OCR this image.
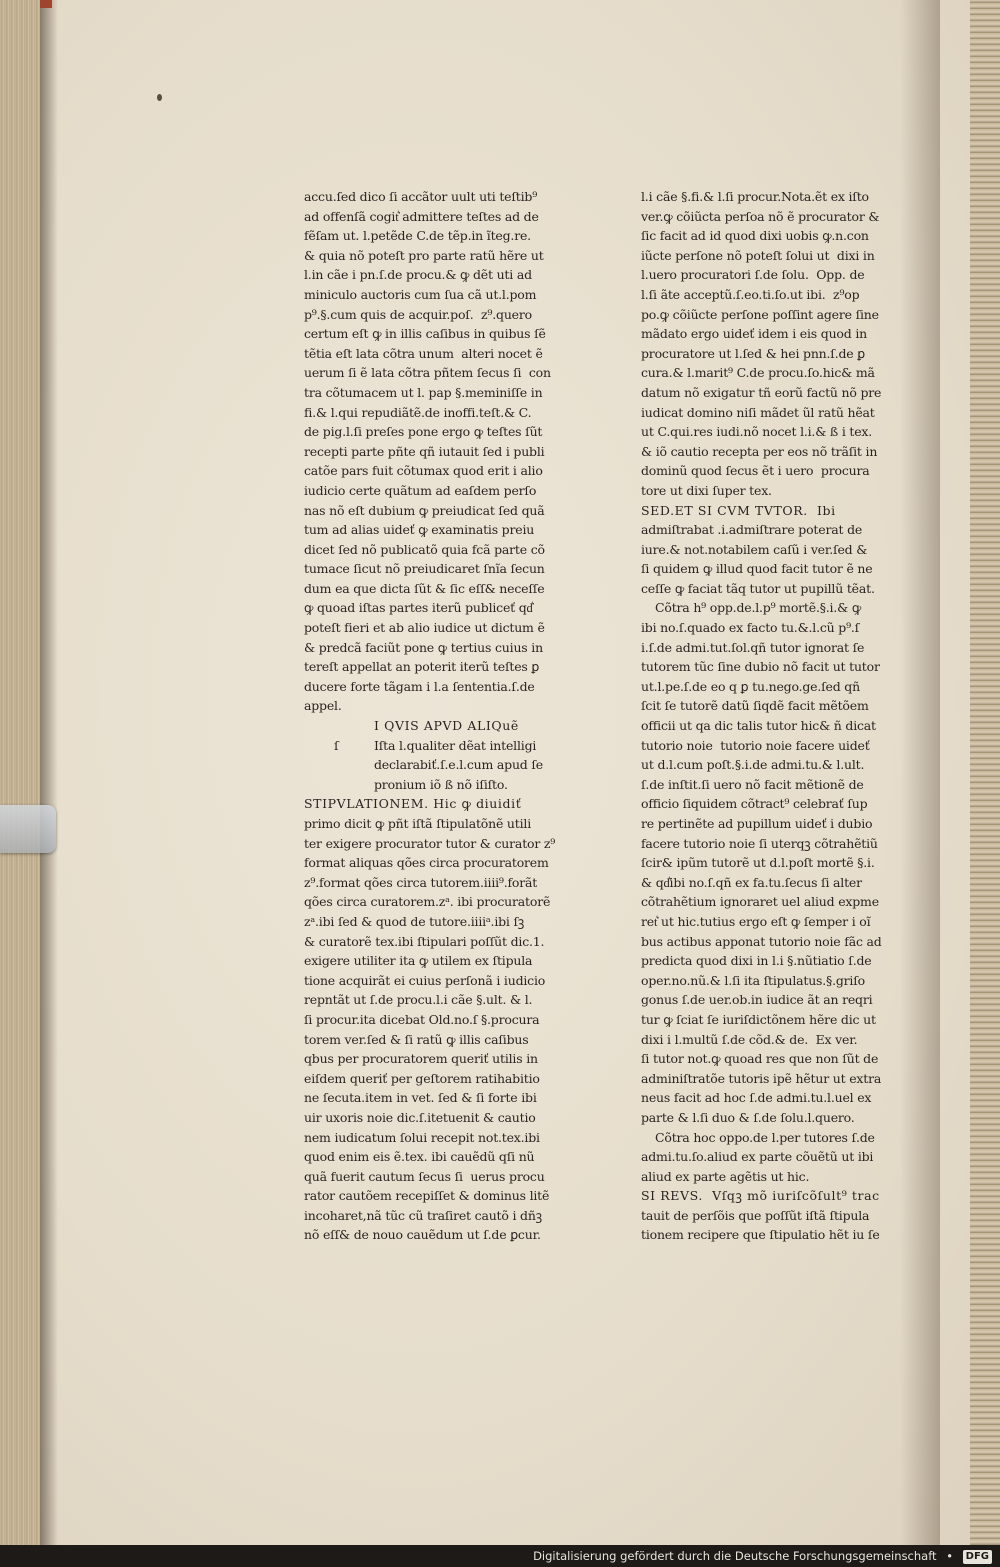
accu.ſed dico ſi accãtor uult uti teſtib⁹
ad offenſã cogit͛ admittere teſtes ad de
fẽſam ut. l.petẽde C.de tẽp.in ĩteg.re.
& quia nõ poteſt pro parte ratũ hẽre ut
l.in cãe i pn.ſ.de procu.& ꝙ dẽt uti ad
miniculo auctoris cum ſua cã ut.l.pom
p⁹.§.cum quis de acquir.poſ.  z⁹.quero
certum eſt ꝙ in illis caſibus in quibus ſẽ
tẽtia eſt lata cõtra unum  alteri nocet ẽ
uerum ſi ẽ lata cõtra pñtem ſecus ſi  con
tra cõtumacem ut l. pap §.meminiſſe in
fi.& l.qui repudiãtẽ.de inoffi.teſt.& C.
de pig.l.ſi preſes pone ergo ꝙ teſtes ſũt
recepti parte pñte qñ iutauit ſed i publi
catõe pars fuit cõtumax quod erit i alio
iudicio certe quãtum ad eaſdem perſo
nas nõ eſt dubium ꝙ preiudicat ſed quã
tum ad alias uideť ꝙ examinatis preiu
dicet ſed nõ publicatõ quia fcã parte cõ
tumace ſicut nõ preiudicaret ſnĩa ſecun
dum ea que dicta ſũt & ſic eſſ& neceſſe
ꝙ quoad iſtas partes iterũ publiceť qd͛
poteſt fieri et ab alio iudice ut dictum ẽ
& predcã faciũt pone ꝙ tertius cuius in
tereſt appellat an poterit iterũ teſtes ꝑ
ducere forte tãgam i l.a ſententia.ſ.de
appel.
I QVIS APVD ALIQuẽ
ſ	Iſta l.qualiter dẽat intelligi
declarabiť.ſ.e.l.cum apud ſe
pronium iõ ß nõ iſiſto.
STIPVLATIONEM. Hic ꝙ diuidiť
primo dicit ꝙ pñt iſtã ſtipulatõnẽ utili
ter exigere procurator tutor & curator z⁹
format aliquas qões circa procuratorem
z⁹.format qões circa tutorem.iiii⁹.forãt
qões circa curatorem.zᵃ. ibi procuratorẽ
zᵃ.ibi ſed & quod de tutore.iiiiᵃ.ibi ſꝫ
& curatorẽ tex.ibi ſtipulari poſſũt dic.1.
exigere utiliter ita ꝙ utilem ex ſtipula
tione acquirãt ei cuius perſonã i iudicio
repntãt ut ſ.de procu.l.i cãe §.ult. & l.
ſi procur.ita dicebat Old.no.ſ §.procura
torem ver.ſed & ſi ratũ ꝙ illis caſibus
qbus per procuratorem queriť utilis in
eiſdem queriť per geſtorem ratihabitio
ne ſecuta.item in vet. ſed & ſi forte ibi
uir uxoris noie dic.ſ.itetuenit & cautio
nem iudicatum ſolui recepit not.tex.ibi
quod enim eis ẽ.tex. ibi cauẽdũ qſi nũ
quã fuerit cautum ſecus ſi  uerus procu
rator cautõem recepiſſet & dominus litẽ
incoharet,nã tũc cũ traſiret cautõ i dñꝫ
nõ eſſ& de nouo cauẽdum ut ſ.de ꝑcur.
l.i cãe §.fi.& l.ſi procur.Nota.ẽt ex iſto
ver.ꝙ cõiũcta perſoa nõ ẽ procurator &
ſic facit ad id quod dixi uobis ꝙ.n.con
iũcte perſone nõ poteſt ſolui ut  dixi in
l.uero procuratori ſ.de ſolu.  Opp. de
l.ſi ãte acceptũ.ſ.eo.ti.ſo.ut ibi.  z⁹op
po.ꝙ cõiũcte perſone poſſint agere ſine
mãdato ergo uideť idem i eis quod in
procuratore ut l.ſed & hei pnn.ſ.de ꝑ
cura.& l.marit⁹ C.de procu.ſo.hic& mã
datum nõ exigatur tñ eorũ factũ nõ pre
iudicat domino niſi mãdet ũl ratũ hẽat
ut C.qui.res iudi.nõ nocet l.i.& ß i tex.
& iõ cautio recepta per eos nõ trãſit in
dominũ quod ſecus ẽt i uero  procura
tore ut dixi ſuper tex.
SED.ET SI CVM TVTOR.  Ibi
admiſtrabat .i.admiſtrare poterat de
iure.& not.notabilem caſũ i ver.ſed &
ſi quidem ꝙ illud quod facit tutor ẽ ne
ceſſe ꝙ faciat tãq tutor ut pupillũ tẽat.
Cõtra h⁹ opp.de.l.p⁹ mortẽ.§.i.& ꝙ
ibi no.ſ.quado ex facto tu.&.l.cũ p⁹.ſ
i.ſ.de admi.tut.ſol.qñ tutor ignorat ſe
tutorem tũc ſine dubio nõ facit ut tutor
ut.l.pe.ſ.de eo q ꝑ tu.nego.ge.ſed qñ
ſcit ſe tutorẽ datũ ſiqdẽ facit mẽtõem
officii ut qa dic talis tutor hic& ñ dicat
tutorio noie  tutorio noie facere uideť
ut d.l.cum poſt.§.i.de admi.tu.& l.ult.
ſ.de inſtit.ſi uero nõ facit mẽtionẽ de
officio ſiquidem cõtract⁹ celebrať ſup
re pertinẽte ad pupillum uideť i dubio
facere tutorio noie ſi uterqꝫ cõtrahẽtiũ
ſcir& ipũm tutorẽ ut d.l.poſt mortẽ §.i.
& qd͛ibi no.ſ.qñ ex fa.tu.ſecus ſi alter
cõtrahẽtium ignoraret uel aliud expme
ret͛ ut hic.tutius ergo eſt ꝙ ſemper i oĩ
bus actibus apponat tutorio noie fãc ad
predicta quod dixi in l.i §.nũtiatio ſ.de
oper.no.nũ.& l.ſi ita ſtipulatus.§.griſo
gonus ſ.de uer.ob.in iudice ãt an reqri
tur ꝙ ſciat ſe iuriſdictõnem hẽre dic ut
dixi i l.multũ ſ.de cõd.& de.  Ex ver.
ſi tutor not.ꝙ quoad res que non ſũt de
adminiſtratõe tutoris ipẽ hẽtur ut extra
neus facit ad hoc ſ.de admi.tu.l.uel ex
parte & l.ſi duo & ſ.de ſolu.l.quero.
Cõtra hoc oppo.de l.per tutores ſ.de
admi.tu.ſo.aliud ex parte cõuẽtũ ut ibi
aliud ex parte agẽtis ut hic.
SI REVS.  Vſqꝫ mõ iuriſcõſult⁹ trac
tauit de perſõis que poſſũt iſtã ſtipula
tionem recipere que ſtipulatio hẽt iu ſe
Digitalisierung gefördert durch die Deutsche Forschungsgemeinschaft • DFG
